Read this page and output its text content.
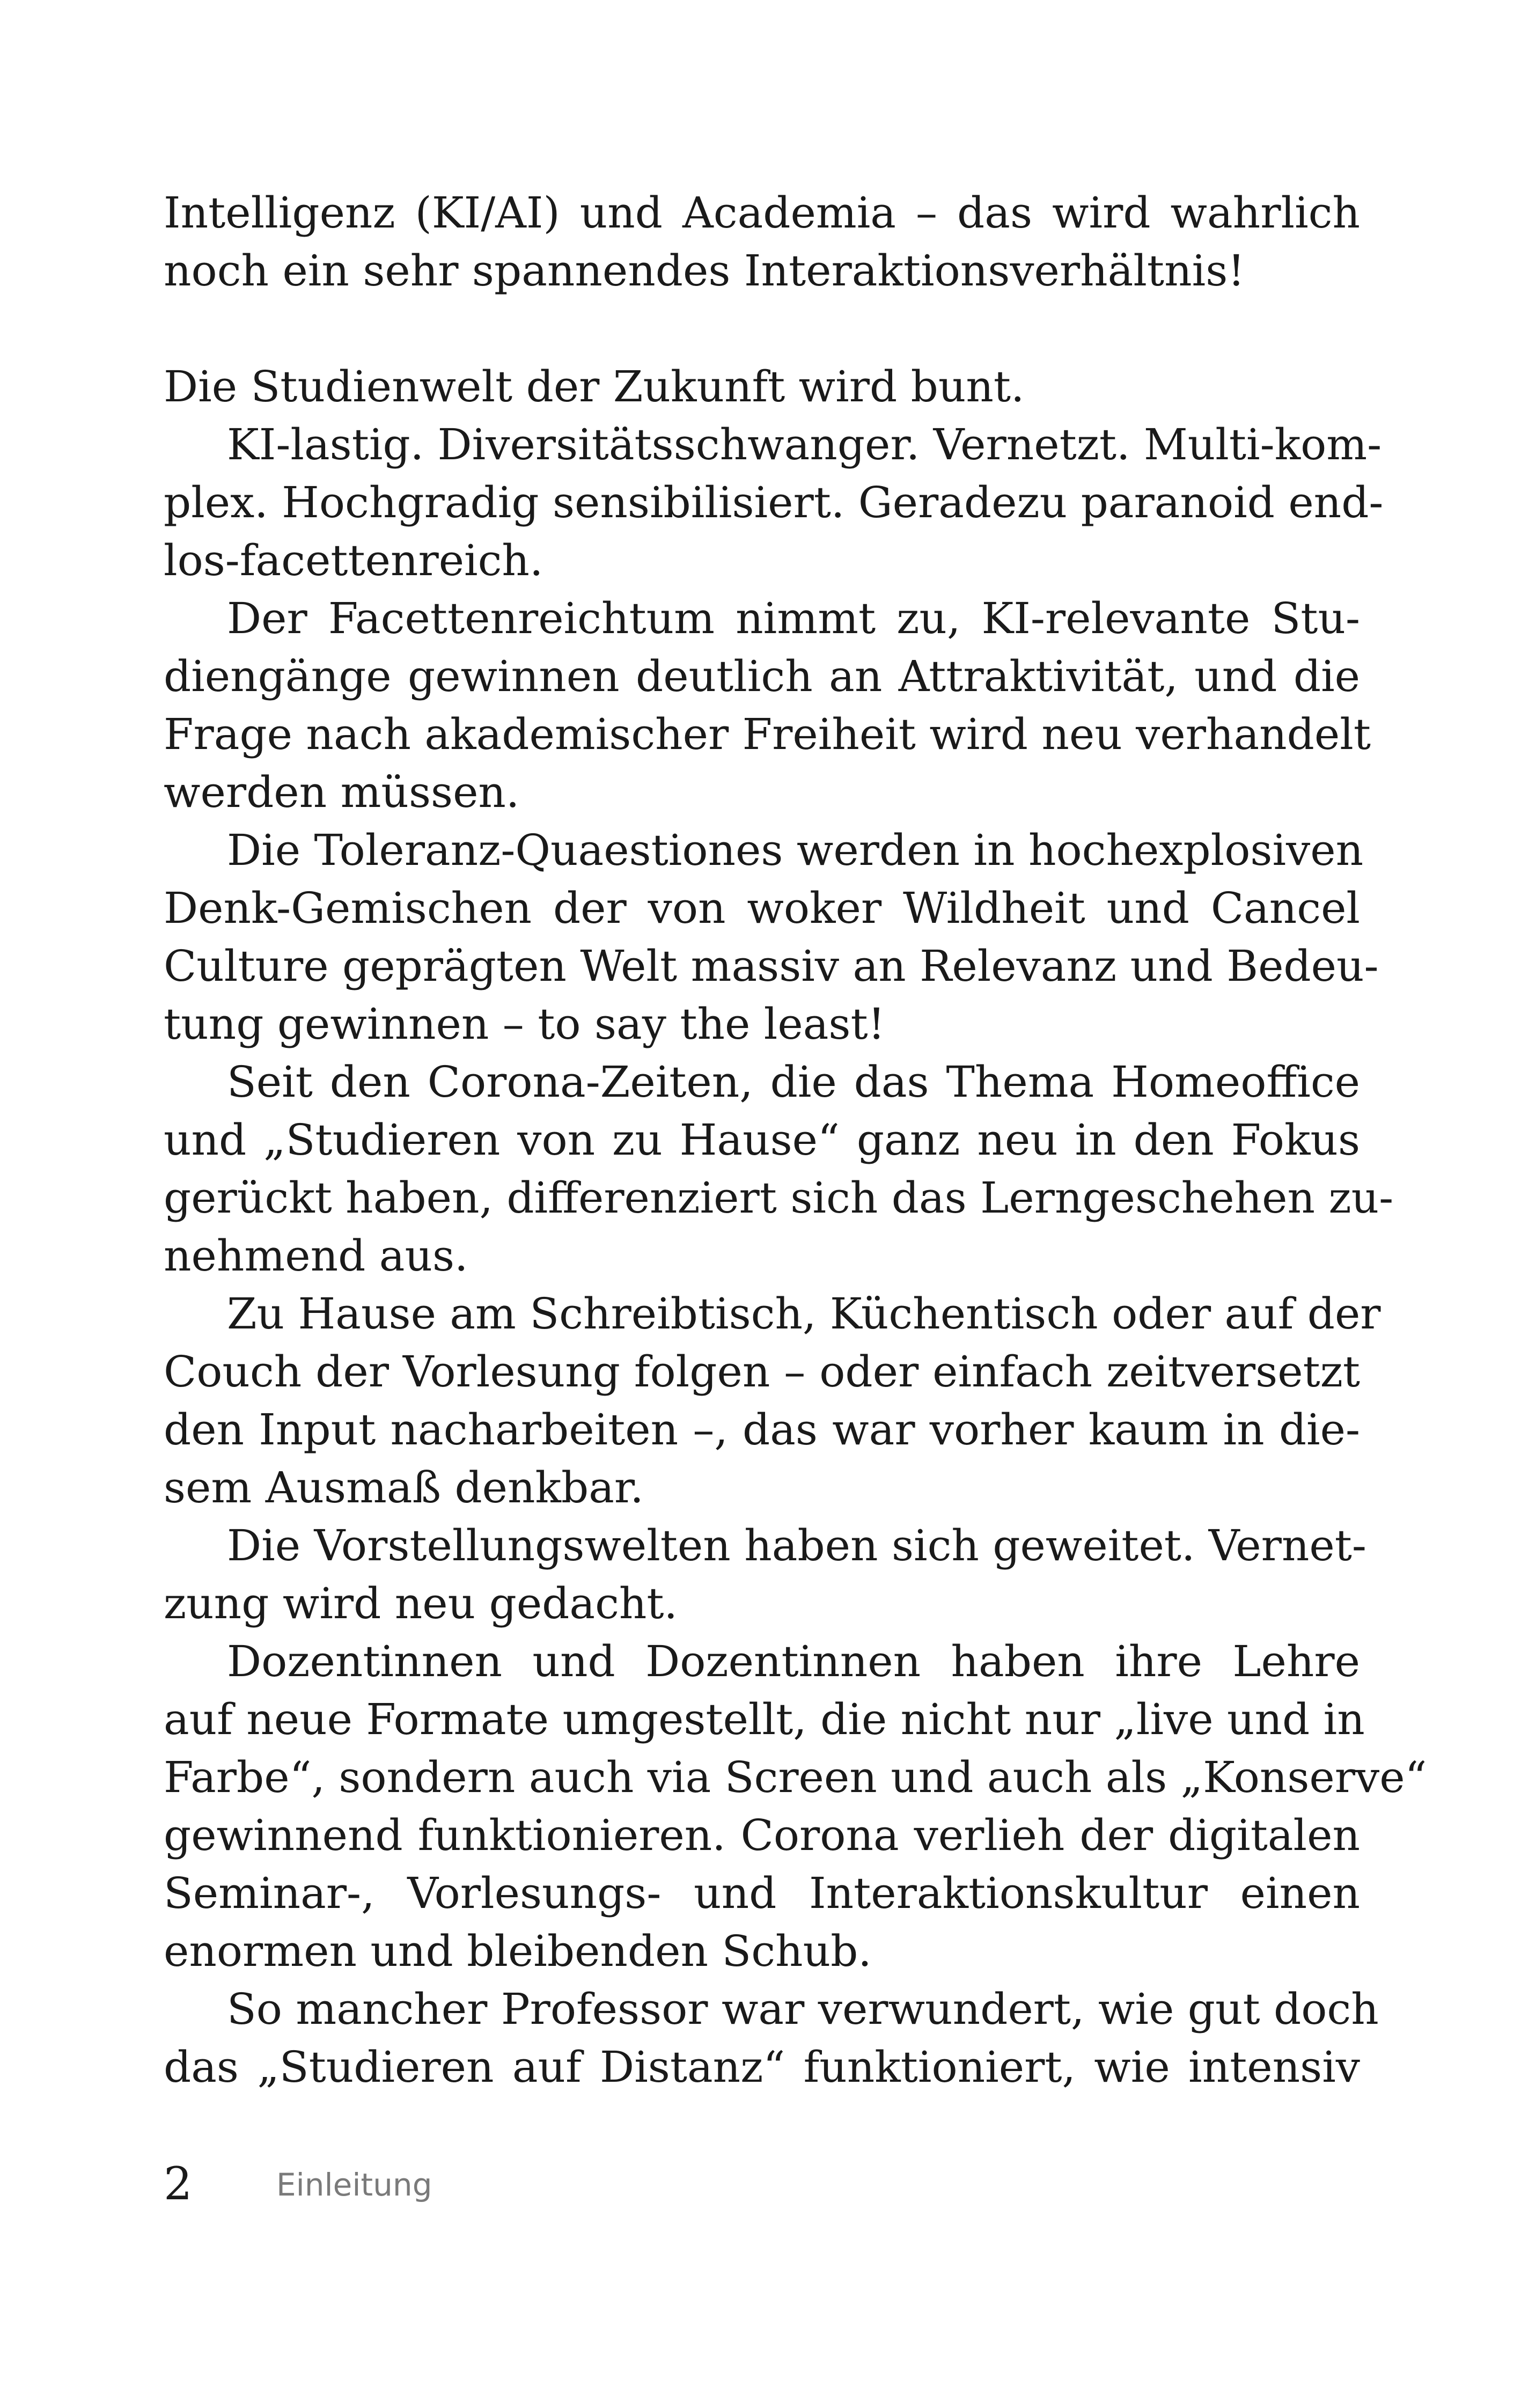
Intelligenz (KI/AI) und Academia – das wird wahrlich
noch ein sehr spannendes Interaktionsverhältnis!
Die Studienwelt der Zukunft wird bunt.
KI-lastig. Diversitätsschwanger. Vernetzt. Multi-kom-
plex. Hochgradig sensibilisiert. Geradezu paranoid end-
los-facettenreich.
Der Facettenreichtum nimmt zu, KI-relevante Stu-
diengänge gewinnen deutlich an Attraktivität, und die
Frage nach akademischer Freiheit wird neu verhandelt
werden müssen.
Die Toleranz-Quaestiones werden in hochexplosiven
Denk-Gemischen der von woker Wildheit und Cancel
Culture geprägten Welt massiv an Relevanz und Bedeu-
tung gewinnen – to say the least!
Seit den Corona-Zeiten, die das Thema Homeoffice
und „Studieren von zu Hause“ ganz neu in den Fokus
gerückt haben, differenziert sich das Lerngeschehen zu-
nehmend aus.
Zu Hause am Schreibtisch, Küchentisch oder auf der
Couch der Vorlesung folgen – oder einfach zeitversetzt
den Input nacharbeiten –, das war vorher kaum in die-
sem Ausmaß denkbar.
Die Vorstellungswelten haben sich geweitet. Vernet-
zung wird neu gedacht.
Dozentinnen und Dozentinnen haben ihre Lehre
auf neue Formate umgestellt, die nicht nur „live und in
Farbe“, sondern auch via Screen und auch als „Konserve“
gewinnend funktionieren. Corona verlieh der digitalen
Seminar-, Vorlesungs- und Interaktionskultur einen
enormen und bleibenden Schub.
So mancher Professor war verwundert, wie gut doch
das „Studieren auf Distanz“ funktioniert, wie intensiv
2	Einleitung
